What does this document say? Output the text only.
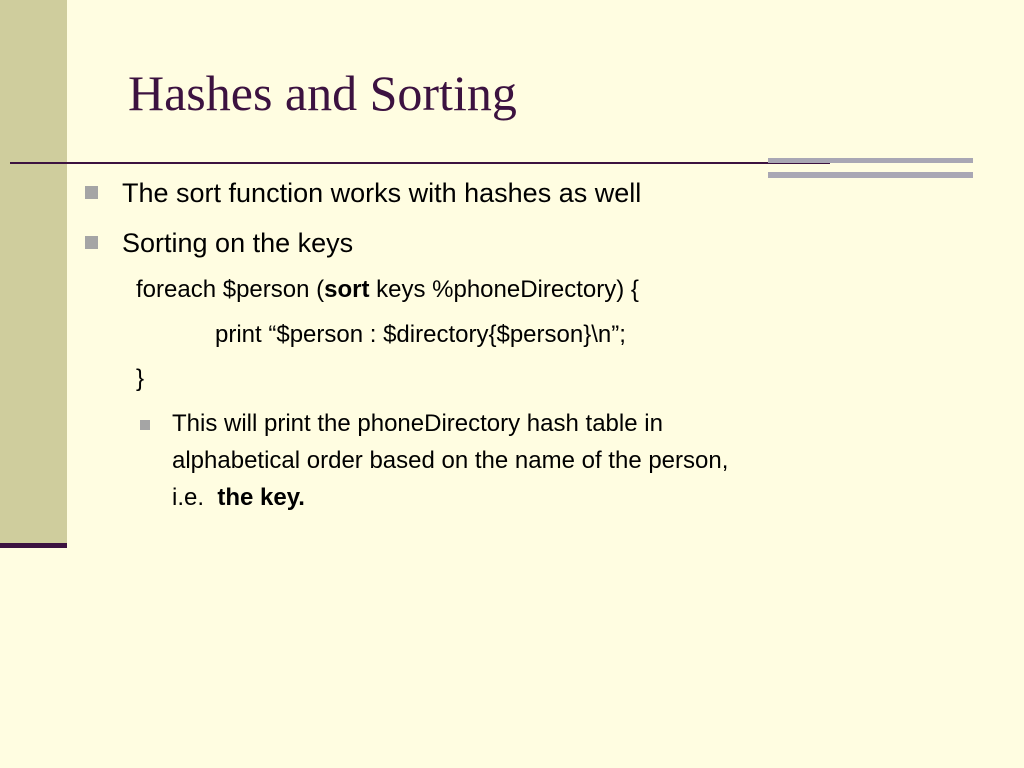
Hashes and Sorting
The sort function works with hashes as well
Sorting on the keys
foreach $person (sort keys %phoneDirectory) {
print “$person : $directory{$person}\n”;
}
This will print the phoneDirectory hash table in
alphabetical order based on the name of the person,
i.e.  the key.
